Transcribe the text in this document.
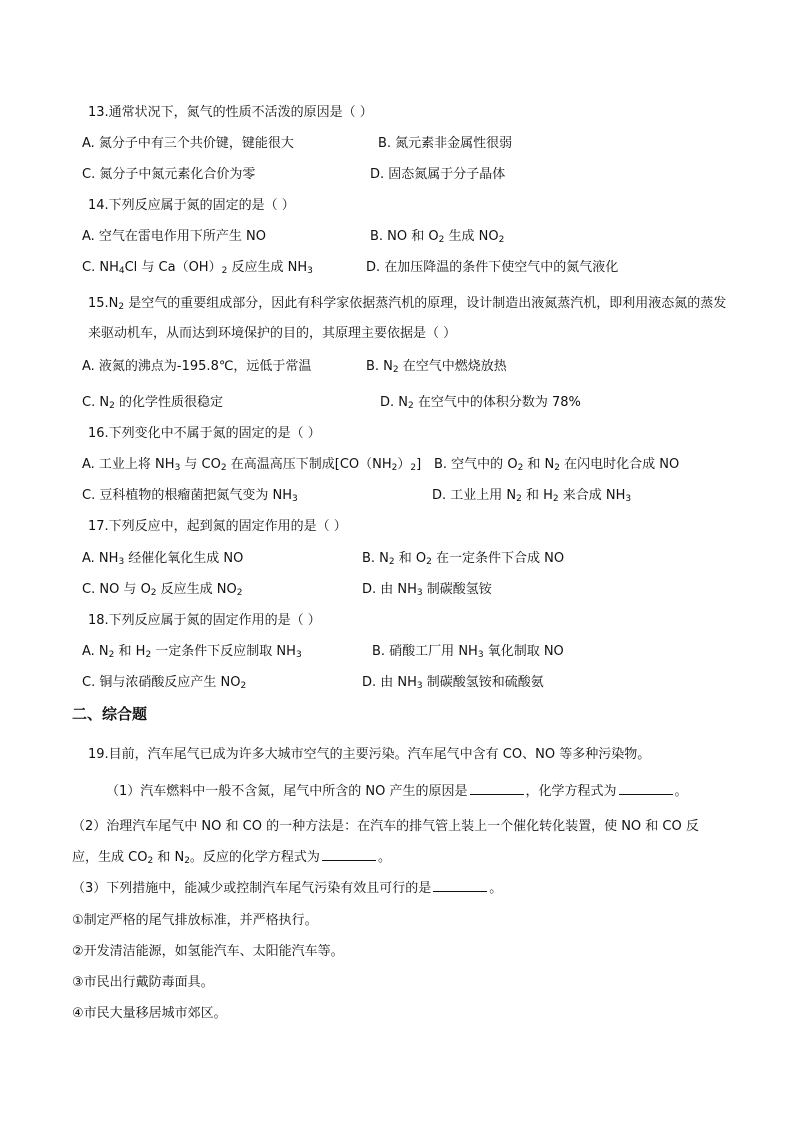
13.通常状况下，氮气的性质不活泼的原因是（ ）
A. 氮分子中有三个共价键，键能很大	B. 氮元素非金属性很弱
C. 氮分子中氮元素化合价为零	D. 固态氮属于分子晶体
14.下列反应属于氮的固定的是（ ）
A. 空气在雷电作用下所产生 NO	B. NO 和 $O_2$ 生成 $NO_2$
C. $NH_4Cl$ 与 $Ca(OH)_2$ 反应生成 $NH_3$	D. 在加压降温的条件下使空气中的氮气液化
$15.N_2$ 是空气的重要组成部分，因此有科学家依据蒸汽机的原理，设计制造出液氮蒸汽机，即利用液态氮的蒸发来驱动机车，从而达到环境保护的目的，其原理主要依据是（ ）
A. 液氮的沸点为-195.8℃，远低于常温	B. $N_2$ 在空气中燃烧放热
C. $N_2$ 的化学性质很稳定	D. $N_2$ 在空气中的体积分数为 78%
16.下列变化中不属于氮的固定的是（ ）
A. 工业上将 $NH_3$ 与 $CO_2$ 在高温高压下制成$[CO(NH_2)_2]$ B. 空气中的 $O_2$ 和 $N_2$ 在闪电时化合成 NO
C. 豆科植物的根瘤菌把氮气变为 $NH_3$	D. 工业上用 $N_2$ 和 $H_2$ 来合成 $NH_3$
17.下列反应中，起到氮的固定作用的是（ ）
A. $NH_3$ 经催化氧化生成 NO	B. $N_2$ 和 $O_2$ 在一定条件下合成 NO
C. NO 与 $O_2$ 反应生成 $NO_2$	D. 由 $NH_3$ 制碳酸氢铵
18.下列反应属于氮的固定作用的是（ ）
A. $N_2$ 和 $H_2$ 一定条件下反应制取 $NH_3$	B. 硝酸工厂用 $NH_3$ 氧化制取 NO
C. 铜与浓硝酸反应产生 $NO_2$	D. 由 $NH_3$ 制碳酸氢铵和硫酸氨
二、综合题
19.目前，汽车尾气已成为许多大城市空气的主要污染。汽车尾气中含有 CO、NO 等多种污染物。
（1）汽车燃料中一般不含氮，尾气中所含的 NO 产生的原因是	，化学方程式为	。
（2）治理汽车尾气中 NO 和 CO 的一种方法是：在汽车的排气管上装上一个催化转化装置，使 NO 和 CO 反
应，生成 $CO_2$ 和 $N_2$。反应的化学方程式为	。
（3）下列措施中，能减少或控制汽车尾气污染有效且可行的是	。
①制定严格的尾气排放标准，并严格执行。
②开发清洁能源，如氢能汽车、太阳能汽车等。
③市民出行戴防毒面具。
④市民大量移居城市郊区。
